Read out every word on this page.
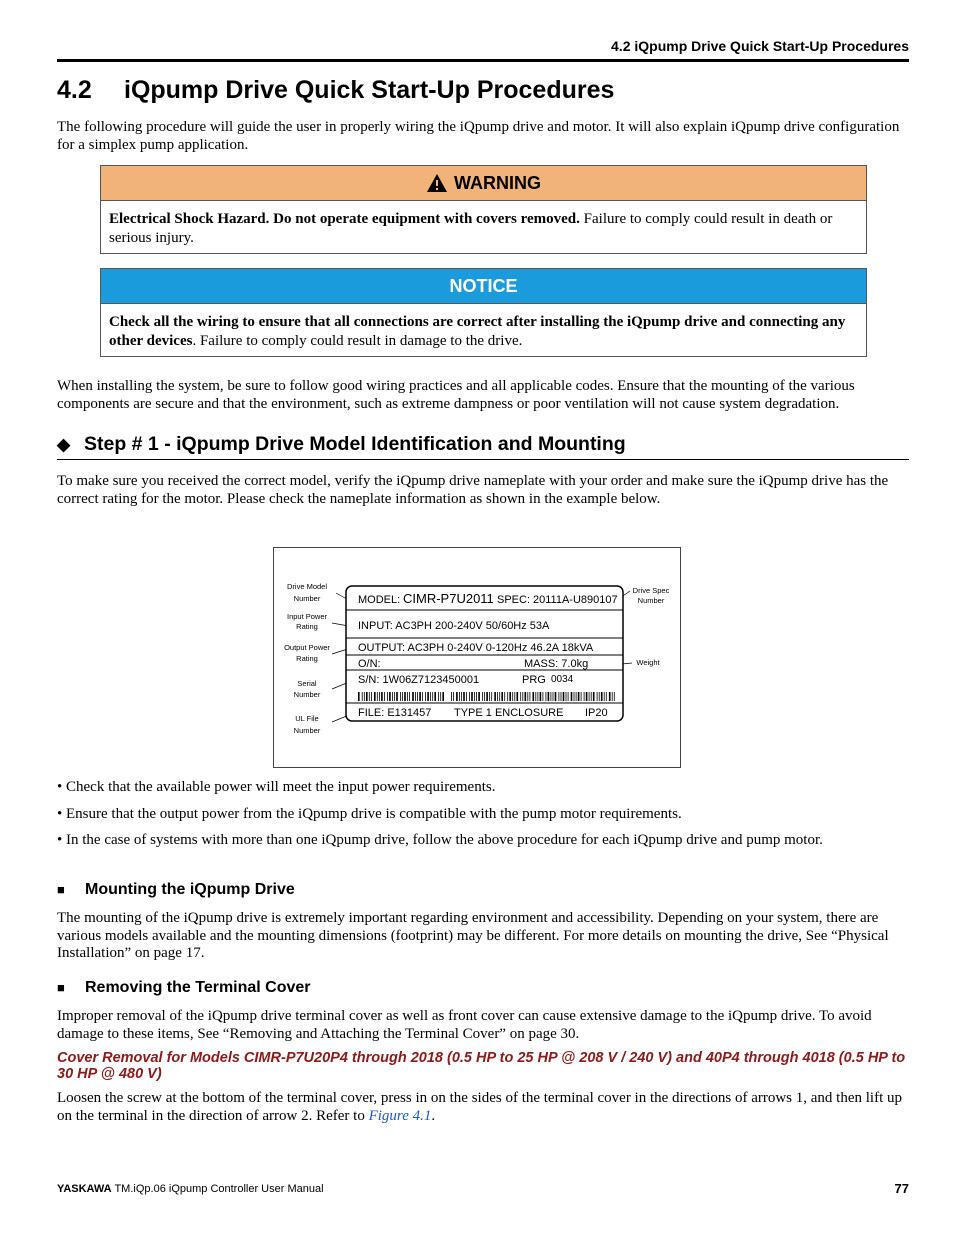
4.2 iQpump Drive Quick Start-Up Procedures
4.2 iQpump Drive Quick Start-Up Procedures
The following procedure will guide the user in properly wiring the iQpump drive and motor. It will also explain iQpump drive configuration for a simplex pump application.
WARNING
Electrical Shock Hazard. Do not operate equipment with covers removed. Failure to comply could result in death or serious injury.
NOTICE
Check all the wiring to ensure that all connections are correct after installing the iQpump drive and connecting any other devices. Failure to comply could result in damage to the drive.
When installing the system, be sure to follow good wiring practices and all applicable codes. Ensure that the mounting of the various components are secure and that the environment, such as extreme dampness or poor ventilation will not cause system degradation.
◆ Step # 1 - iQpump Drive Model Identification and Mounting
To make sure you received the correct model, verify the iQpump drive nameplate with your order and make sure the iQpump drive has the correct rating for the motor. Please check the nameplate information as shown in the example below.
Drive Model
Number
Input Power
Rating
Output Power
Rating
Serial
Number
UL File
Number
Drive Spec
Number
Weight
MODEL: CIMR-P7U2011 SPEC: 20111A-U890107
INPUT: AC3PH 200-240V 50/60Hz 53A
OUTPUT: AC3PH 0-240V 0-120Hz 46.2A 18kVA
O/N:	MASS: 7.0kg
S/N: 1W06Z7123450001	PRG 0034
FILE: E131457 TYPE 1 ENCLOSURE IP20
• Check that the available power will meet the input power requirements.
• Ensure that the output power from the iQpump drive is compatible with the pump motor requirements.
• In the case of systems with more than one iQpump drive, follow the above procedure for each iQpump drive and pump motor.
■ Mounting the iQpump Drive
The mounting of the iQpump drive is extremely important regarding environment and accessibility. Depending on your system, there are various models available and the mounting dimensions (footprint) may be different. For more details on mounting the drive, See “Physical Installation” on page 17.
■ Removing the Terminal Cover
Improper removal of the iQpump drive terminal cover as well as front cover can cause extensive damage to the iQpump drive. To avoid damage to these items, See “Removing and Attaching the Terminal Cover” on page 30.
Cover Removal for Models CIMR-P7U20P4 through 2018 (0.5 HP to 25 HP @ 208 V / 240 V) and 40P4 through 4018 (0.5 HP to 30 HP @ 480 V)
Loosen the screw at the bottom of the terminal cover, press in on the sides of the terminal cover in the directions of arrows 1, and then lift up on the terminal in the direction of arrow 2. Refer to Figure 4.1.
YASKAWA TM.iQp.06 iQpump Controller User Manual	77
